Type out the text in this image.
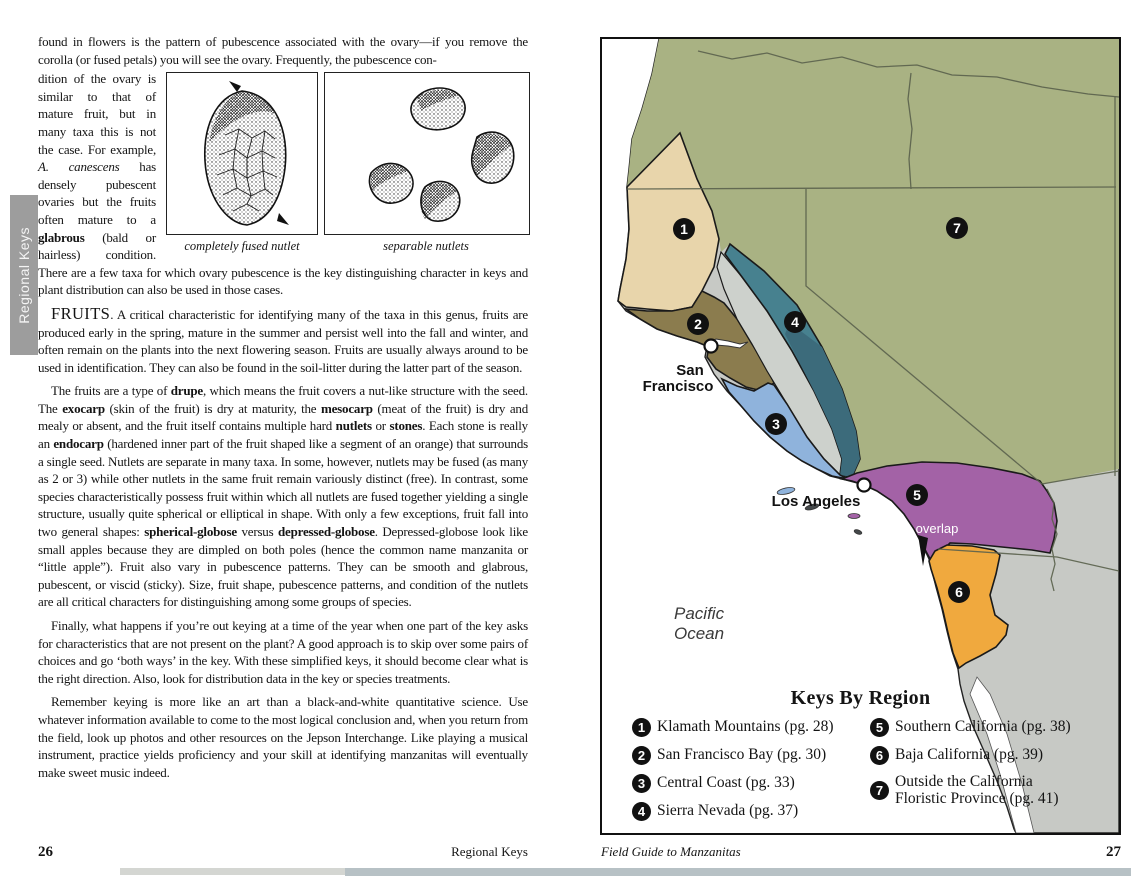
Regional Keys

found in flowers is the pattern of pubescence associated with the ovary—if you remove the corolla (or fused petals) you will see the ovary. Frequently, the pubescence con-

completely fused nutlet	separable nutlets

dition of the ovary is similar to that of mature fruit, but in many taxa this is not the case. For example, A. canescens has densely pubescent ovaries but the fruits often mature to a glabrous (bald or hairless) condition. There are a few taxa for which ovary pubescence is the key distinguishing character in keys and plant distribution can also be used in those cases.

FRUITS. A critical characteristic for identifying many of the taxa in this genus, fruits are produced early in the spring, mature in the summer and persist well into the fall and winter, and often remain on the plants into the next flowering season. Fruits are usually always around to be used in identification. They can also be found in the soil-litter during the latter part of the season.

The fruits are a type of drupe, which means the fruit covers a nut-like structure with the seed. The exocarp (skin of the fruit) is dry at maturity, the mesocarp (meat of the fruit) is dry and mealy or absent, and the fruit itself contains multiple hard nutlets or stones. Each stone is really an endocarp (hardened inner part of the fruit shaped like a segment of an orange) that surrounds a single seed. Nutlets are separate in many taxa. In some, however, nutlets may be fused (as many as 2 or 3) while other nutlets in the same fruit remain variously distinct (free). In contrast, some species characteristically possess fruit within which all nutlets are fused together yielding a single structure, usually quite spherical or elliptical in shape. With only a few exceptions, fruit fall into two general shapes: spherical-globose versus depressed-globose. Depressed-globose look like small apples because they are dimpled on both poles (hence the common name manzanita or “little apple”). Fruit also vary in pubescence patterns. They can be smooth and glabrous, pubescent, or viscid (sticky). Size, fruit shape, pubescence patterns, and condition of the nutlets are all critical characters for distinguishing among some groups of species.

Finally, what happens if you’re out keying at a time of the year when one part of the key asks for characteristics that are not present on the plant? A good approach is to skip over some pairs of choices and go ‘both ways’ in the key. With these simplified keys, it should become clear what is the right direction. Also, look for distribution data in the key or species treatments.

Remember keying is more like an art than a black-and-white quantitative science. Use whatever information available to come to the most logical conclusion and, when you return from the field, look up photos and other resources on the Jepson Interchange. Like playing a musical instrument, practice yields proficiency and your skill at identifying manzanitas will eventually make sweet music indeed.

26	Regional Keys
San
Francisco
Los Angeles
overlap
Pacific
Ocean
1
2
3
4
5
6
7
Keys By Region
1 Klamath Mountains (pg. 28)
2 San Francisco Bay (pg. 30)
3 Central Coast (pg. 33)
4 Sierra Nevada (pg. 37)
5 Southern California (pg. 38)
6 Baja California (pg. 39)
7
Outside the California Floristic Province (pg. 41)
Field Guide to Manzanitas	27
